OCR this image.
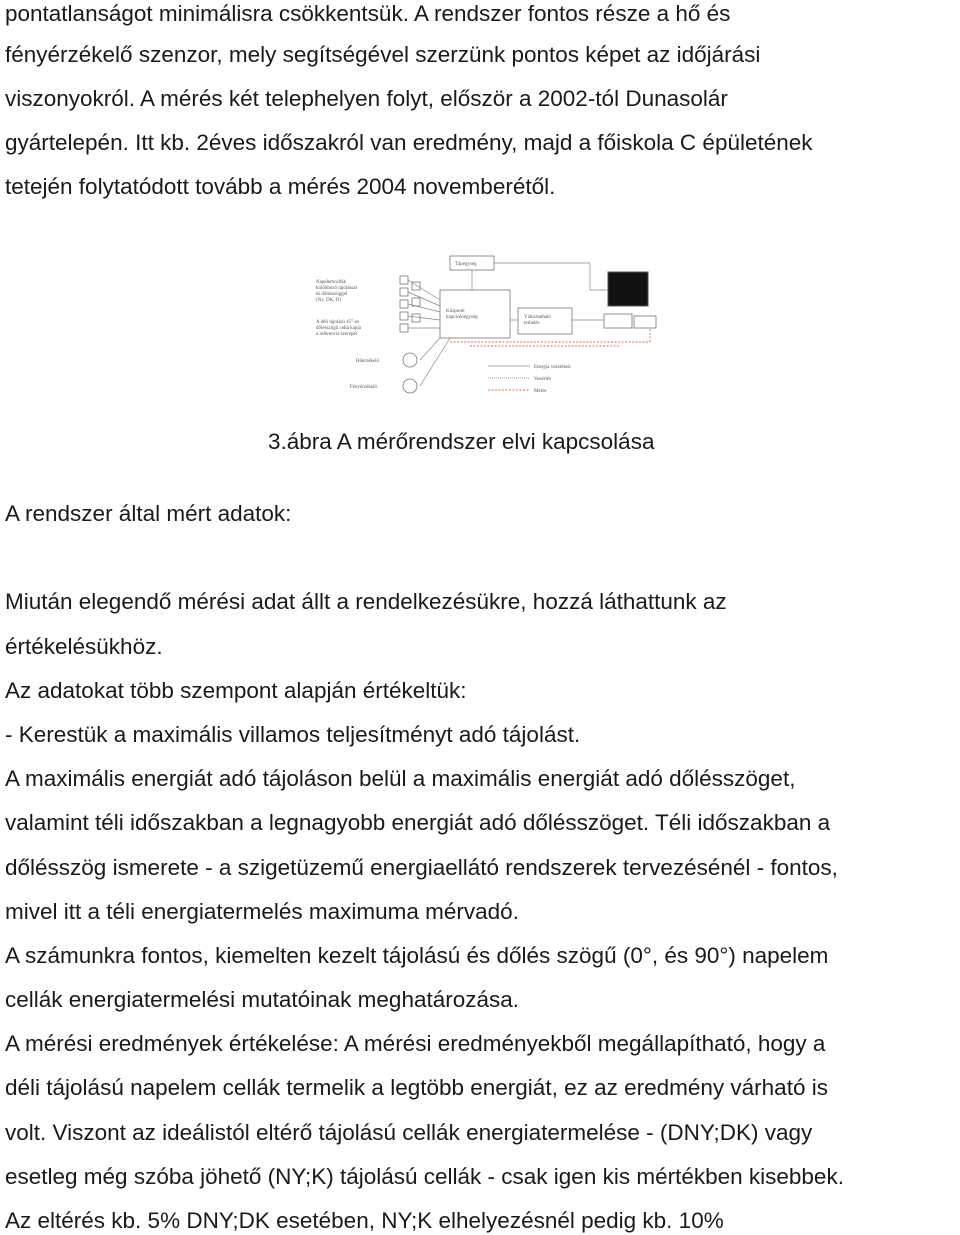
pontatlanságot minimálisra csökkentsük. A rendszer fontos része a hő és
fényérzékelő szenzor, mely segítségével szerzünk pontos képet az időjárási
viszonyokról. A mérés két telephelyen folyt, először a 2002-tól Dunasolár
gyártelepén. Itt kb. 2éves időszakról van eredmény, majd a főiskola C épületének
tetején folytatódott tovább a mérés 2004 novemberétől.
Napelemcellák
különböző tájolással
és dőlésszöggel
(Ny, DK, D)
A déli tájolású 45°-os
dőlésszögű cella kapja
a referencia szerepét
Tápegység
Központi
kapcsolóegység	Változtatható
terhelés
Hőérzékelő
Fényérzékelő
Energia vezetékek
Vezérlés
Mérés
3.ábra A mérőrendszer elvi kapcsolása
A rendszer által mért adatok:
Miután elegendő mérési adat állt a rendelkezésükre, hozzá láthattunk az
értékelésükhöz.
Az adatokat több szempont alapján értékeltük:
- Kerestük a maximális villamos teljesítményt adó tájolást.
A maximális energiát adó tájoláson belül a maximális energiát adó dőlésszöget,
valamint téli időszakban a legnagyobb energiát adó dőlésszöget. Téli időszakban a
dőlésszög ismerete - a szigetüzemű energiaellátó rendszerek tervezésénél - fontos,
mivel itt a téli energiatermelés maximuma mérvadó.
A számunkra fontos, kiemelten kezelt tájolású és dőlés szögű (0°, és 90°) napelem
cellák energiatermelési mutatóinak meghatározása.
A mérési eredmények értékelése: A mérési eredményekből megállapítható, hogy a
déli tájolású napelem cellák termelik a legtöbb energiát, ez az eredmény várható is
volt. Viszont az ideálistól eltérő tájolású cellák energiatermelése - (DNY;DK) vagy
esetleg még szóba jöhető (NY;K) tájolású cellák - csak igen kis mértékben kisebbek.
Az eltérés kb. 5% DNY;DK esetében, NY;K elhelyezésnél pedig kb. 10%
